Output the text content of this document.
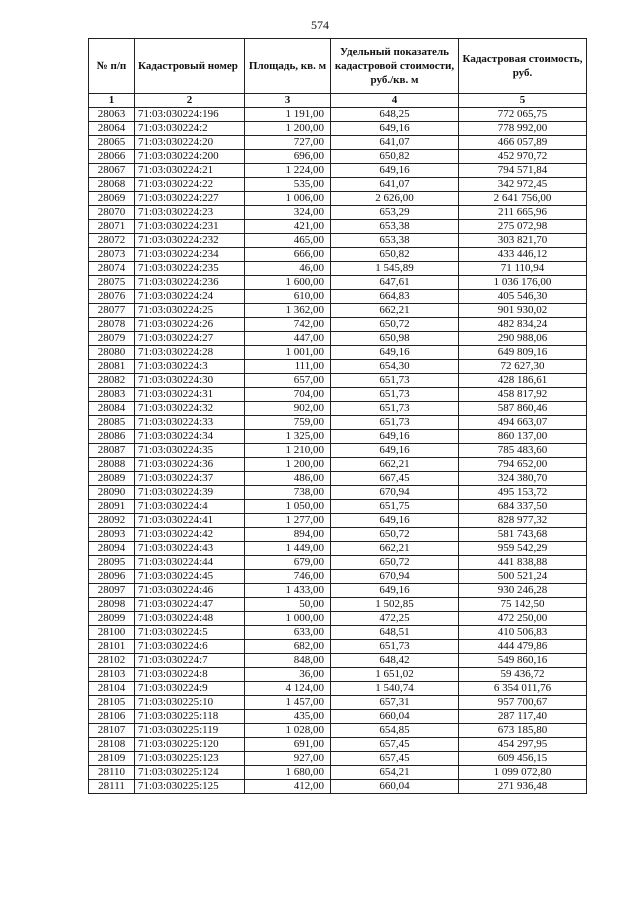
574
№ п/п	Кадастровый номер	Площадь, кв. м	Удельный показатель кадастровой стоимости, руб./кв. м	Кадастровая стоимость, руб.
1	2	3	4	5
28063	71:03:030224:196	1 191,00	648,25	772 065,75
28064	71:03:030224:2	1 200,00	649,16	778 992,00
28065	71:03:030224:20	727,00	641,07	466 057,89
28066	71:03:030224:200	696,00	650,82	452 970,72
28067	71:03:030224:21	1 224,00	649,16	794 571,84
28068	71:03:030224:22	535,00	641,07	342 972,45
28069	71:03:030224:227	1 006,00	2 626,00	2 641 756,00
28070	71:03:030224:23	324,00	653,29	211 665,96
28071	71:03:030224:231	421,00	653,38	275 072,98
28072	71:03:030224:232	465,00	653,38	303 821,70
28073	71:03:030224:234	666,00	650,82	433 446,12
28074	71:03:030224:235	46,00	1 545,89	71 110,94
28075	71:03:030224:236	1 600,00	647,61	1 036 176,00
28076	71:03:030224:24	610,00	664,83	405 546,30
28077	71:03:030224:25	1 362,00	662,21	901 930,02
28078	71:03:030224:26	742,00	650,72	482 834,24
28079	71:03:030224:27	447,00	650,98	290 988,06
28080	71:03:030224:28	1 001,00	649,16	649 809,16
28081	71:03:030224:3	111,00	654,30	72 627,30
28082	71:03:030224:30	657,00	651,73	428 186,61
28083	71:03:030224:31	704,00	651,73	458 817,92
28084	71:03:030224:32	902,00	651,73	587 860,46
28085	71:03:030224:33	759,00	651,73	494 663,07
28086	71:03:030224:34	1 325,00	649,16	860 137,00
28087	71:03:030224:35	1 210,00	649,16	785 483,60
28088	71:03:030224:36	1 200,00	662,21	794 652,00
28089	71:03:030224:37	486,00	667,45	324 380,70
28090	71:03:030224:39	738,00	670,94	495 153,72
28091	71:03:030224:4	1 050,00	651,75	684 337,50
28092	71:03:030224:41	1 277,00	649,16	828 977,32
28093	71:03:030224:42	894,00	650,72	581 743,68
28094	71:03:030224:43	1 449,00	662,21	959 542,29
28095	71:03:030224:44	679,00	650,72	441 838,88
28096	71:03:030224:45	746,00	670,94	500 521,24
28097	71:03:030224:46	1 433,00	649,16	930 246,28
28098	71:03:030224:47	50,00	1 502,85	75 142,50
28099	71:03:030224:48	1 000,00	472,25	472 250,00
28100	71:03:030224:5	633,00	648,51	410 506,83
28101	71:03:030224:6	682,00	651,73	444 479,86
28102	71:03:030224:7	848,00	648,42	549 860,16
28103	71:03:030224:8	36,00	1 651,02	59 436,72
28104	71:03:030224:9	4 124,00	1 540,74	6 354 011,76
28105	71:03:030225:10	1 457,00	657,31	957 700,67
28106	71:03:030225:118	435,00	660,04	287 117,40
28107	71:03:030225:119	1 028,00	654,85	673 185,80
28108	71:03:030225:120	691,00	657,45	454 297,95
28109	71:03:030225:123	927,00	657,45	609 456,15
28110	71:03:030225:124	1 680,00	654,21	1 099 072,80
28111	71:03:030225:125	412,00	660,04	271 936,48
